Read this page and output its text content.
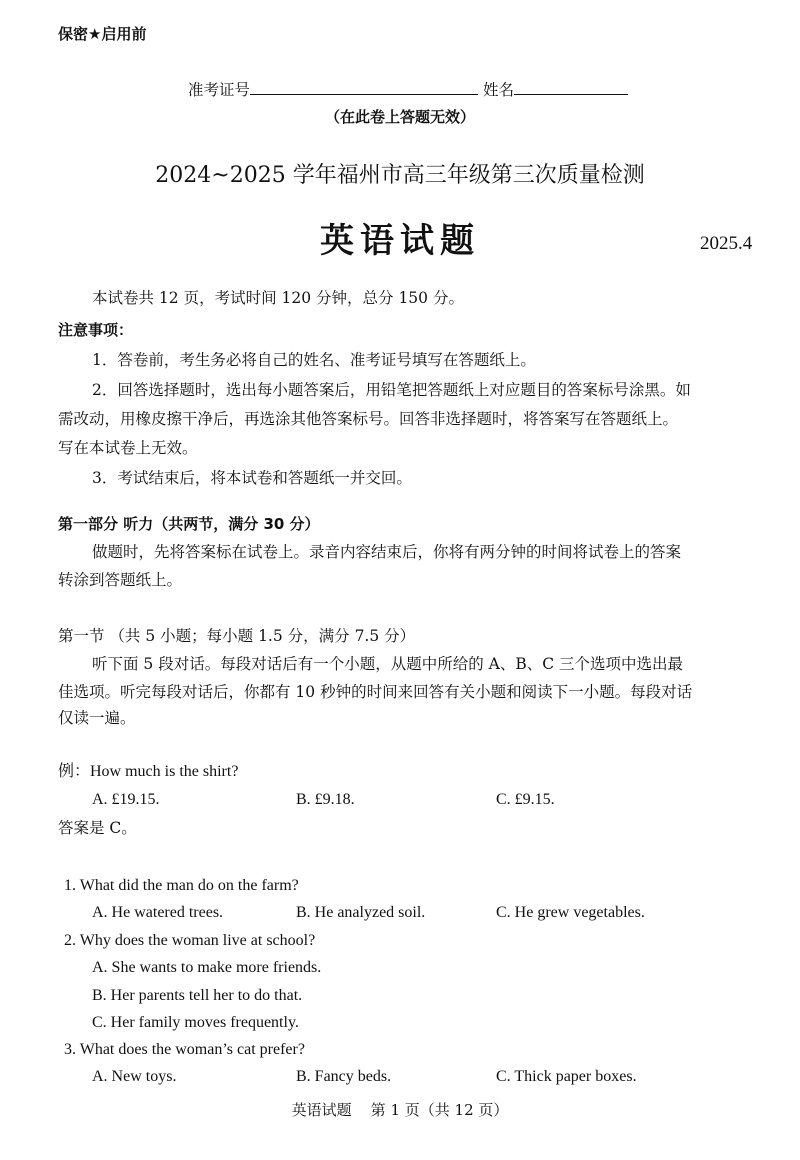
保密★启用前
准考证号	姓名
（在此卷上答题无效）
2024~2025 学年福州市高三年级第三次质量检测
英语试题	2025.4
本试卷共 12 页，考试时间 120 分钟，总分 150 分。
注意事项：
1．答卷前，考生务必将自己的姓名、准考证号填写在答题纸上。
2．回答选择题时，选出每小题答案后，用铅笔把答题纸上对应题目的答案标号涂黑。如
需改动，用橡皮擦干净后，再选涂其他答案标号。回答非选择题时，将答案写在答题纸上。
写在本试卷上无效。
3．考试结束后，将本试卷和答题纸一并交回。
第一部分 听力（共两节，满分 30 分）
做题时，先将答案标在试卷上。录音内容结束后，你将有两分钟的时间将试卷上的答案
转涂到答题纸上。
第一节 （共 5 小题；每小题 1.5 分，满分 7.5 分）
听下面 5 段对话。每段对话后有一个小题，从题中所给的 A、B、C 三个选项中选出最
佳选项。听完每段对话后，你都有 10 秒钟的时间来回答有关小题和阅读下一小题。每段对话
仅读一遍。
例：How much is the shirt?
A. £19.15.	B. £9.18.	C. £9.15.
答案是 C。
1. What did the man do on the farm?
A. He watered trees.	B. He analyzed soil.	C. He grew vegetables.
2. Why does the woman live at school?
A. She wants to make more friends.
B. Her parents tell her to do that.
C. Her family moves frequently.
3. What does the woman’s cat prefer?
A. New toys.	B. Fancy beds.	C. Thick paper boxes.
英语试题    第 1 页（共 12 页）
